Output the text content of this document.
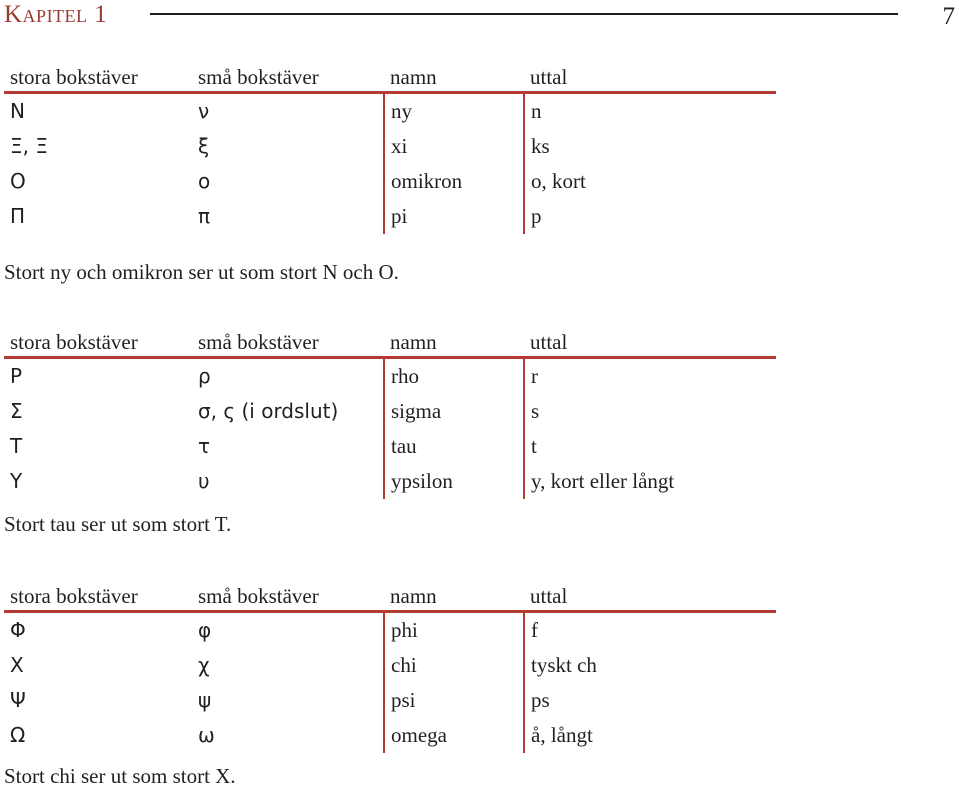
Kapitel 1	7
stora bokstäver	små bokstäver	namn	uttal
Ν	ν	ny	n
Ξ, Ξ	ξ	xi	ks
Ο	ο	omikron	o, kort
Π	π	pi	p
Stort ny och omikron ser ut som stort N och O.
stora bokstäver	små bokstäver	namn	uttal
Ρ	ρ	rho	r
Σ	σ, ς (i ordslut)	sigma	s
Τ	τ	tau	t
Υ	υ	ypsilon	y, kort eller långt
Stort tau ser ut som stort T.
stora bokstäver	små bokstäver	namn	uttal
Φ	φ	phi	f
Χ	χ	chi	tyskt ch
Ψ	ψ	psi	ps
Ω	ω	omega	å, långt
Stort chi ser ut som stort X.
